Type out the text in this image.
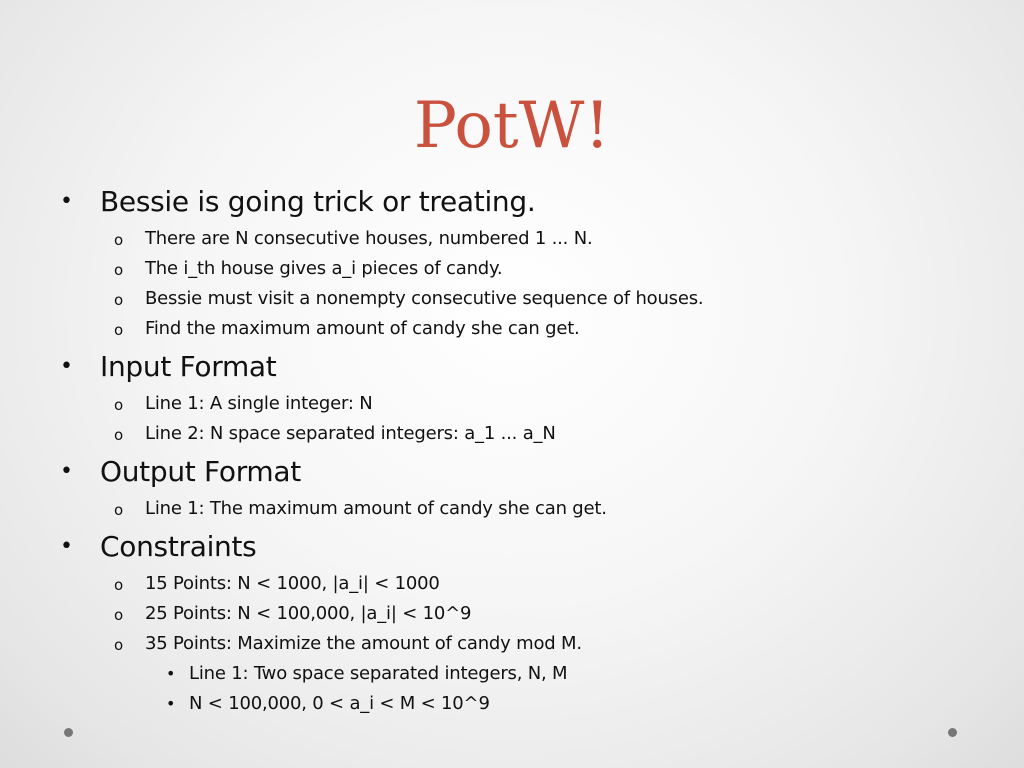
PotW!
• Bessie is going trick or treating.
o There are N consecutive houses, numbered 1 ... N.
o The i_th house gives a_i pieces of candy.
o Bessie must visit a nonempty consecutive sequence of houses.
o Find the maximum amount of candy she can get.
• Input Format
o Line 1: A single integer: N
o Line 2: N space separated integers: a_1 ... a_N
• Output Format
o Line 1: The maximum amount of candy she can get.
• Constraints
o 15 Points: N < 1000, |a_i| < 1000
o 25 Points: N < 100,000, |a_i| < 10^9
o 35 Points: Maximize the amount of candy mod M.
• Line 1: Two space separated integers, N, M
• N < 100,000, 0 < a_i < M < 10^9
